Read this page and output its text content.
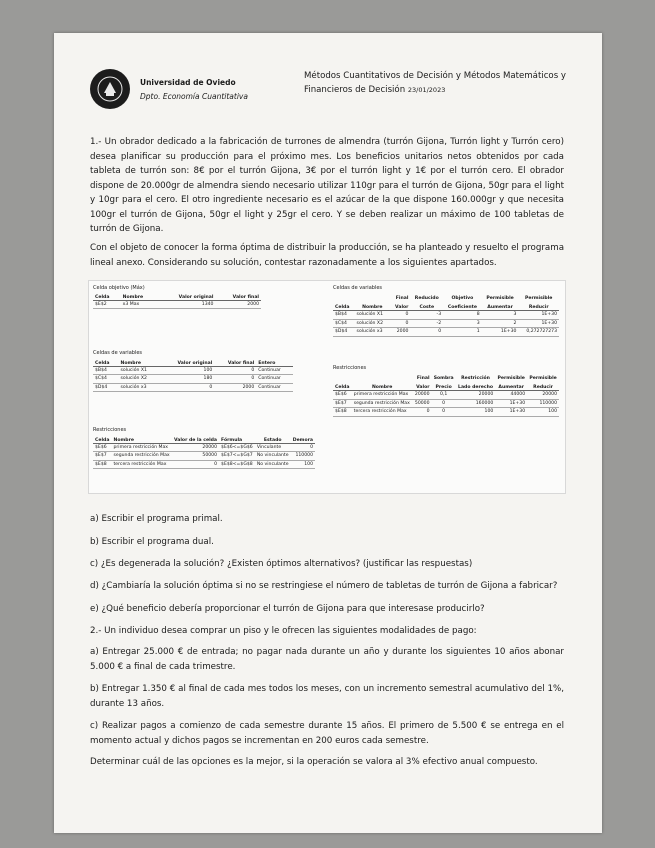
Universidad de Oviedo
Dpto. Economía Cuantitativa
Métodos Cuantitativos de Decisión y Métodos Matemáticos y
Financieros de Decisión 23/01/2023
1.- Un obrador dedicado a la fabricación de turrones de almendra (turrón Gijona, Turrón light y Turrón cero) desea planificar su producción para el próximo mes. Los beneficios unitarios netos obtenidos por cada tableta de turrón son: 8€ por el turrón Gijona, 3€ por el turrón light y 1€ por el turrón cero. El obrador dispone de 20.000gr de almendra siendo necesario utilizar 110gr para el turrón de Gijona, 50gr para el light y 10gr para el cero. El otro ingrediente necesario es el azúcar de la que dispone 160.000gr y que necesita 100gr el turrón de Gijona, 50gr el light y 25gr el cero. Y se deben realizar un máximo de 100 tabletas de turrón de Gijona.
Con el objeto de conocer la forma óptima de distribuir la producción, se ha planteado y resuelto el programa lineal anexo. Considerando su solución, contestar razonadamente a los siguientes apartados.
Celda objetivo (Máx)
Celda	Nombre	Valor original	Valor final
$E$2	x3 Max	1340	2000
Celdas de variables
Celda	Nombre	Valor original	Valor final	Entero
$B$4	solución X1	100	0	Continuar
$C$4	solución X2	180	0	Continuar
$D$4	solución x3	0	2000	Continuar
Restricciones
Celda	Nombre	Valor de la celda	Fórmula	Estado	Demora
$E$6	primera restricción Max	20000	$E$6<=$G$6	Vinculante	0
$E$7	segunda restricción Max	50000	$E$7<=$G$7	No vinculante	110000
$E$8	tercera restricción Max	0	$E$8<=$G$8	No vinculante	100
Celdas de variables
		Final	Reducido	Objetivo	Permisible	Permisible
Celda	Nombre	Valor	Coste	Coeficiente	Aumentar	Reducir
$B$4	solución X1	0	-3	8	3	1E+30
$C$4	solución X2	0	-2	3	2	1E+30
$D$4	solución x3	2000	0	1	1E+30	0,272727273
Restricciones
		Final	Sombra	Restricción	Permisible	Permisible
Celda	Nombre	Valor	Precio	Lado derecho	Aumentar	Reducir
$E$6	primera restricción Max	20000	0,1	20000	44000	20000
$E$7	segunda restricción Max	50000	0	160000	1E+30	110000
$E$8	tercera restricción Max	0	0	100	1E+30	100
a) Escribir el programa primal.
b) Escribir el programa dual.
c) ¿Es degenerada la solución? ¿Existen óptimos alternativos? (justificar las respuestas)
d) ¿Cambiaría la solución óptima si no se restringiese el número de tabletas de turrón de Gijona a fabricar?
e) ¿Qué beneficio debería proporcionar el turrón de Gijona para que interesase producirlo?
2.- Un individuo desea comprar un piso y le ofrecen las siguientes modalidades de pago:
a) Entregar 25.000 € de entrada; no pagar nada durante un año y durante los siguientes 10 años abonar 5.000 € a final de cada trimestre.
b) Entregar 1.350 € al final de cada mes todos los meses, con un incremento semestral acumulativo del 1%, durante 13 años.
c) Realizar pagos a comienzo de cada semestre durante 15 años. El primero de 5.500 € se entrega en el momento actual y dichos pagos se incrementan en 200 euros cada semestre.
Determinar cuál de las opciones es la mejor, si la operación se valora al 3% efectivo anual compuesto.
